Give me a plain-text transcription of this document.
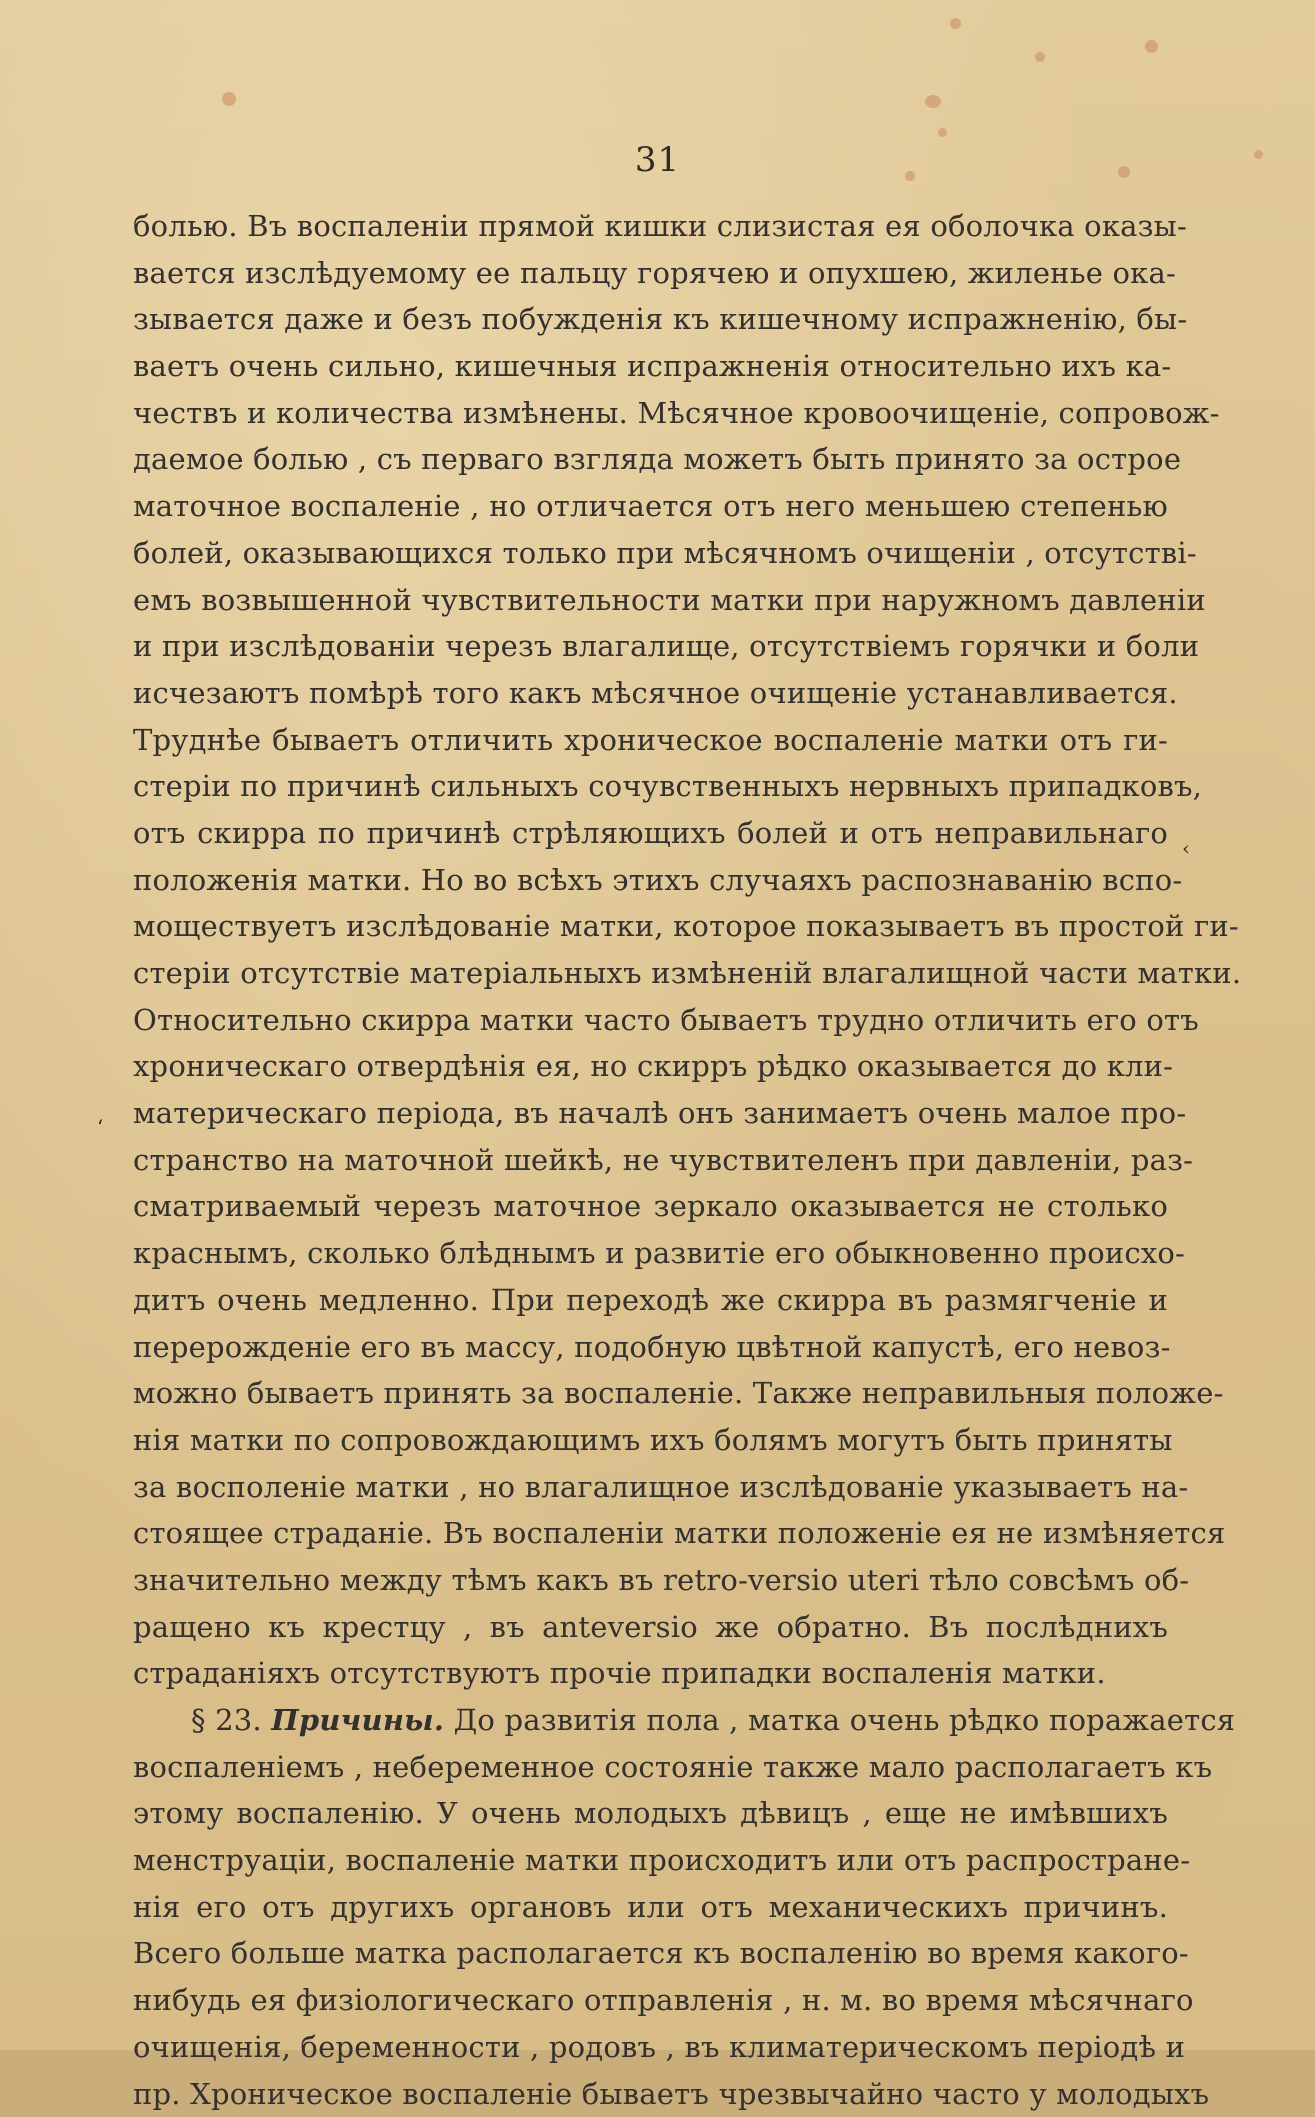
‹
ʻ
31
болью. Въ воспаленіи прямой кишки слизистая ея оболочка оказы-
вается изслѣдуемому ее пальцу горячею и опухшею, жиленье ока-
зывается даже и безъ побужденія къ кишечному испражненію, бы-
ваетъ очень сильно, кишечныя испражненія относительно ихъ ка-
чествъ и количества измѣнены. Мѣсячное кровоочищеніе, сопровож-
даемое болью , съ перваго взгляда можетъ быть принято за острое
маточное воспаленіе , но отличается отъ него меньшею степенью
болей, оказывающихся только при мѣсячномъ очищеніи , отсутстві-
емъ возвышенной чувствительности матки при наружномъ давленіи
и при изслѣдованіи черезъ влагалище, отсутствіемъ горячки и боли
исчезаютъ помѣрѣ того какъ мѣсячное очищеніе устанавливается.
Труднѣе бываетъ отличить хроническое воспаленіе матки отъ ги-
стеріи по причинѣ сильныхъ сочувственныхъ нервныхъ припадковъ,
отъ скирра по причинѣ стрѣляющихъ болей и отъ неправильнаго
положенія матки. Но во всѣхъ этихъ случаяхъ распознаванію вспо-
моществуетъ изслѣдованіе матки, которое показываетъ въ простой ги-
стеріи отсутствіе матеріальныхъ измѣненій влагалищной части матки.
Относительно скирра матки часто бываетъ трудно отличить его отъ
хроническаго отвердѣнія ея, но скирръ рѣдко оказывается до кли-
материческаго періода, въ началѣ онъ занимаетъ очень малое про-
странство на маточной шейкѣ, не чувствителенъ при давленіи, раз-
сматриваемый черезъ маточное зеркало оказывается не столько
краснымъ, сколько блѣднымъ и развитіе его обыкновенно происхо-
дитъ очень медленно. При переходѣ же скирра въ размягченіе и
перерожденіе его въ массу, подобную цвѣтной капустѣ, его невоз-
можно бываетъ принять за воспаленіе. Также неправильныя положе-
нія матки по сопровождающимъ ихъ болямъ могутъ быть приняты
за восполеніе матки , но влагалищное изслѣдованіе указываетъ на-
стоящее страданіе. Въ воспаленіи матки положеніе ея не измѣняется
значительно между тѣмъ какъ въ retro-versio uteri тѣло совсѣмъ об-
ращено къ крестцу , въ anteversio же обратно. Въ послѣднихъ
страданіяхъ отсутствуютъ прочіе припадки воспаленія матки.
§ 23. Причины. До развитія пола , матка очень рѣдко поражается
воспаленіемъ , небеременное состояніе также мало располагаетъ къ
этому воспаленію. У очень молодыхъ дѣвицъ , еще не имѣвшихъ
менструаціи, воспаленіе матки происходитъ или отъ распростране-
нія его отъ другихъ органовъ или отъ механическихъ причинъ.
Всего больше матка располагается къ воспаленію во время какого-
нибудь ея физіологическаго отправленія , н. м. во время мѣсячнаго
очищенія, беременности , родовъ , въ климатерическомъ періодѣ и
пр. Хроническое воспаленіе бываетъ чрезвычайно часто у молодыхъ
